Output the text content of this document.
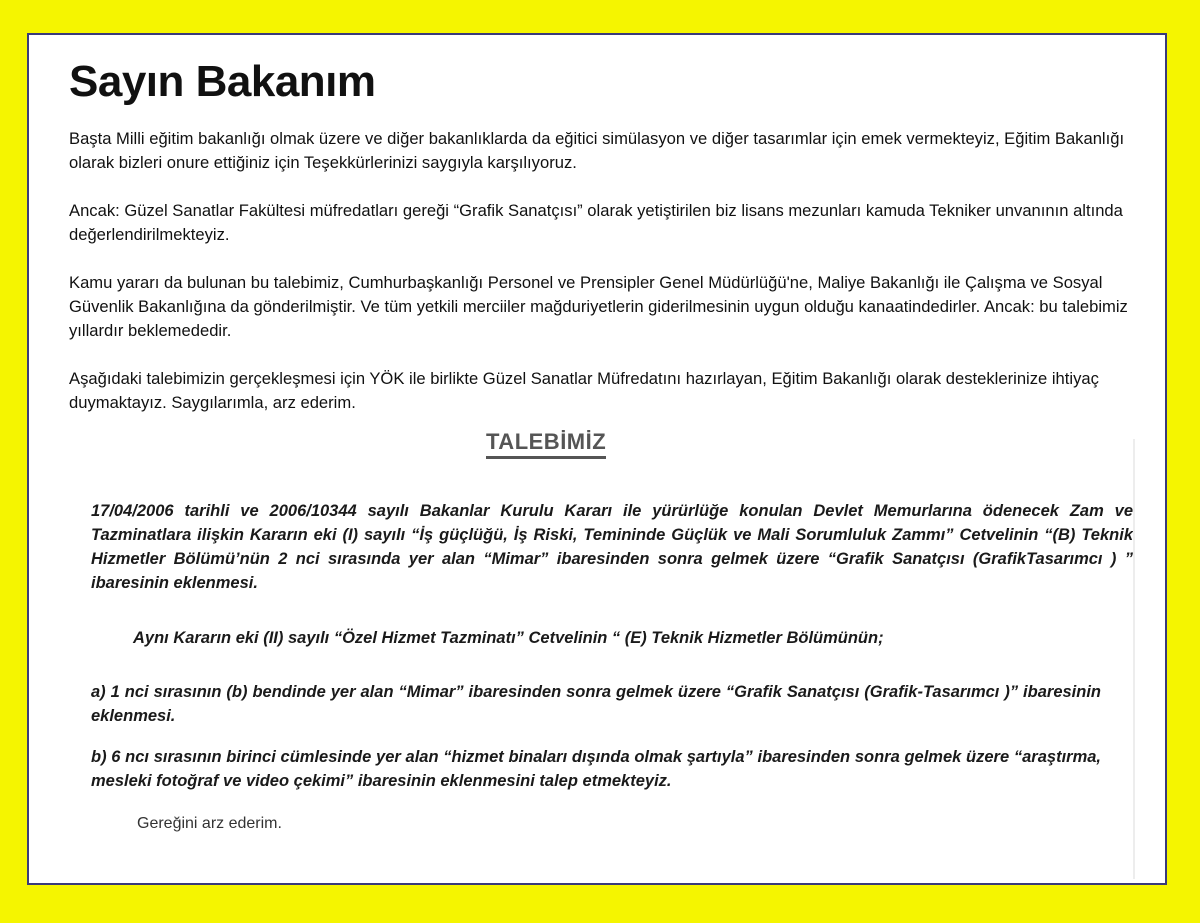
Sayın Bakanım

Başta Milli eğitim bakanlığı olmak üzere ve diğer bakanlıklarda da eğitici simülasyon ve diğer tasarımlar için emek vermekteyiz, Eğitim Bakanlığı olarak bizleri onure ettiğiniz için Teşekkürlerinizi saygıyla karşılıyoruz.

Ancak: Güzel Sanatlar Fakültesi müfredatları gereği “Grafik Sanatçısı” olarak yetiştirilen biz lisans mezunları kamuda Tekniker unvanının altında değerlendirilmekteyiz.

Kamu yararı da bulunan bu talebimiz, Cumhurbaşkanlığı Personel ve Prensipler Genel Müdürlüğü'ne, Maliye Bakanlığı ile Çalışma ve Sosyal Güvenlik Bakanlığına da gönderilmiştir. Ve tüm yetkili merciiler mağduriyetlerin giderilmesinin uygun olduğu kanaatindedirler. Ancak: bu talebimiz yıllardır beklemededir.

Aşağıdaki talebimizin gerçekleşmesi için YÖK ile birlikte Güzel Sanatlar Müfredatını hazırlayan, Eğitim Bakanlığı olarak desteklerinize ihtiyaç duymaktayız. Saygılarımla, arz ederim.

TALEBİMİZ
17/04/2006 tarihli ve 2006/10344 sayılı Bakanlar Kurulu Kararı ile yürürlüğe konulan Devlet Memurlarına ödenecek Zam ve Tazminatlara ilişkin Kararın eki (I) sayılı “İş güçlüğü, İş Riski, Temininde Güçlük ve Mali Sorumluluk Zammı” Cetvelinin “(B) Teknik Hizmetler Bölümü’nün 2 nci sırasında yer alan “Mimar” ibaresinden sonra gelmek üzere “Grafik Sanatçısı (GrafikTasarımcı ) ” ibaresinin eklenmesi.
Aynı Kararın eki (II) sayılı “Özel Hizmet Tazminatı” Cetvelinin “ (E) Teknik Hizmetler Bölümünün;
a) 1 nci sırasının (b) bendinde yer alan “Mimar” ibaresinden sonra gelmek üzere “Grafik Sanatçısı (Grafik-Tasarımcı )” ibaresinin eklenmesi.
b) 6 ncı sırasının birinci cümlesinde yer alan “hizmet binaları dışında olmak şartıyla” ibaresinden sonra gelmek üzere “araştırma, mesleki fotoğraf ve video çekimi” ibaresinin eklenmesini talep etmekteyiz.
Gereğini arz ederim.
